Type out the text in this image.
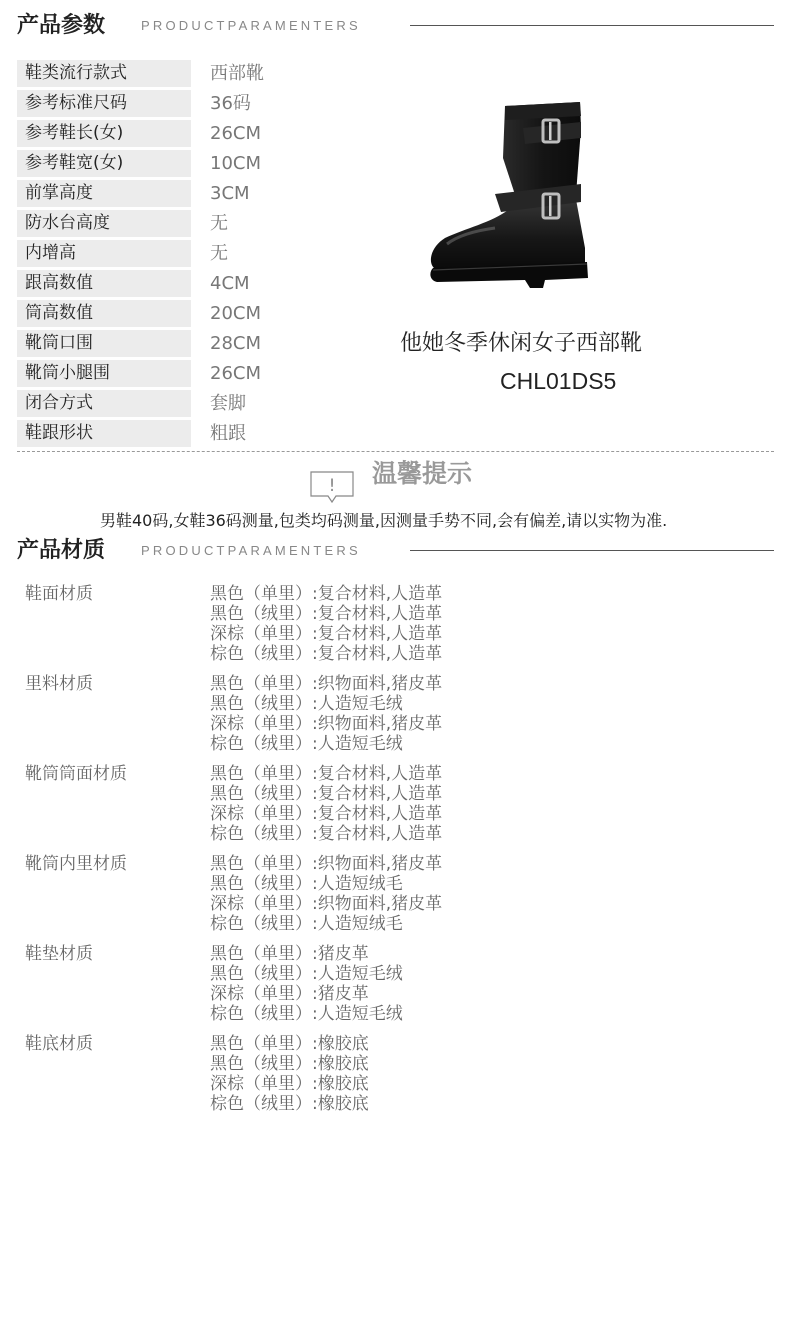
产品参数	PRODUCTPARAMENTERS
鞋类流行款式	西部靴
参考标准尺码	36码
参考鞋长(女)	26CM
参考鞋宽(女)	10CM
前掌高度	3CM
防水台高度	无
内增高	无
跟高数值	4CM
筒高数值	20CM
靴筒口围	28CM
靴筒小腿围	26CM
闭合方式	套脚
鞋跟形状	粗跟
他她冬季休闲女子西部靴
CHL01DS5
! 温馨提示
男鞋40码,女鞋36码测量,包类均码测量,因测量手势不同,会有偏差,请以实物为准.
产品材质	PRODUCTPARAMENTERS
鞋面材质	黑色（单里）:复合材料,人造革
黑色（绒里）:复合材料,人造革
深棕（单里）:复合材料,人造革
棕色（绒里）:复合材料,人造革
里料材质	黑色（单里）:织物面料,猪皮革
黑色（绒里）:人造短毛绒
深棕（单里）:织物面料,猪皮革
棕色（绒里）:人造短毛绒
靴筒筒面材质	黑色（单里）:复合材料,人造革
黑色（绒里）:复合材料,人造革
深棕（单里）:复合材料,人造革
棕色（绒里）:复合材料,人造革
靴筒内里材质	黑色（单里）:织物面料,猪皮革
黑色（绒里）:人造短绒毛
深棕（单里）:织物面料,猪皮革
棕色（绒里）:人造短绒毛
鞋垫材质	黑色（单里）:猪皮革
黑色（绒里）:人造短毛绒
深棕（单里）:猪皮革
棕色（绒里）:人造短毛绒
鞋底材质	黑色（单里）:橡胶底
黑色（绒里）:橡胶底
深棕（单里）:橡胶底
棕色（绒里）:橡胶底
